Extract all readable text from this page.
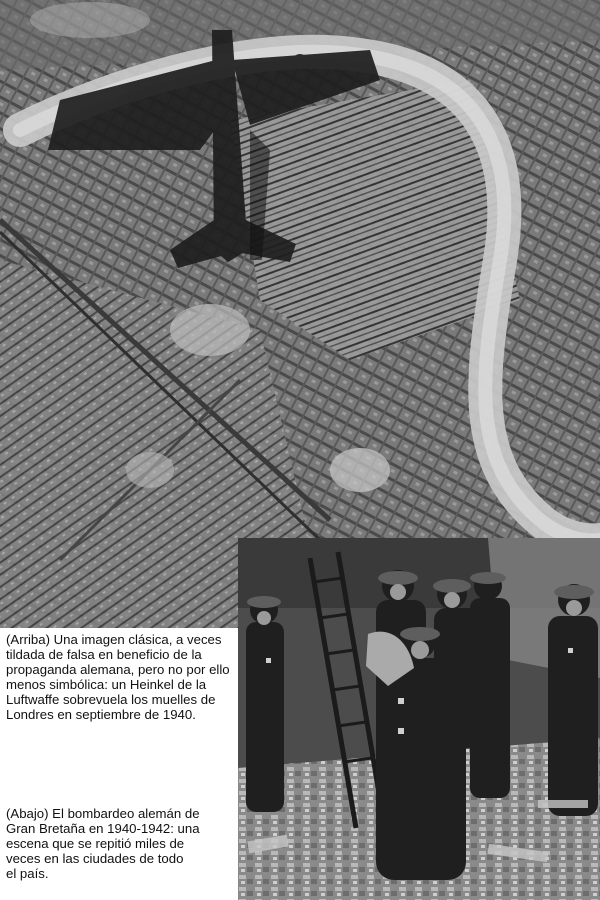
(Arriba) Una imagen clásica, a veces
tildada de falsa en beneficio de la
propaganda alemana, pero no por ello
menos simbólica: un Heinkel de la
Luftwaffe sobrevuela los muelles de
Londres en septiembre de 1940.
(Abajo) El bombardeo alemán de
Gran Bretaña en 1940-1942: una
escena que se repitió miles de
veces en las ciudades de todo
el país.
